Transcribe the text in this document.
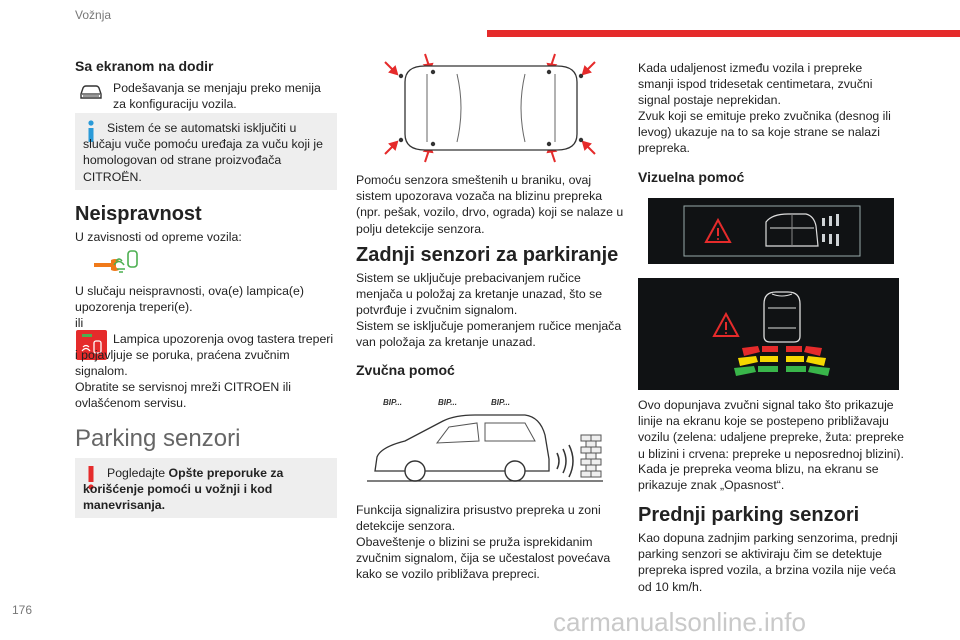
Vožnja
176	carmanualsonline.info
Sa ekranom na dodir

Podešavanja se menjaju preko menija za konfiguraciju vozila.

Sistem će se automatski isključiti u slučaju vuče pomoću uređaja za vuču koji je homologovan od strane proizvođača CITROËN.

Neispravnost

U zavisnosti od opreme vozila:

U slučaju neispravnosti, ova(e) lampica(e) upozorenja treperi(e).

ili

Lampica upozorenja ovog tastera treperi i pojavljuje se poruka, praćena zvučnim signalom.

Obratite se servisnoj mreži CITROEN ili ovlašćenom servisu.

Parking senzori

Pogledajte Opšte preporuke za korišćenje pomoći u vožnji i kod manevrisanja.

Pomoću senzora smeštenih u braniku, ovaj sistem upozorava vozača na blizinu prepreka (npr. pešak, vozilo, drvo, ograda) koji se nalaze u polju detekcije senzora.

Zadnji senzori za parkiranje

Sistem se uključuje prebacivanjem ručice menjača u položaj za kretanje unazad, što se potvrđuje i zvučnim signalom.

Sistem se isključuje pomeranjem ručice menjača van položaja za kretanje unazad.

Zvučna pomoć
BIP...	BIP...	BIP...

Funkcija signalizira prisustvo prepreka u zoni detekcije senzora.

Obaveštenje o blizini se pruža isprekidanim zvučnim signalom, čija se učestalost povećava kako se vozilo približava prepreci.

Kada udaljenost između vozila i prepreke smanji ispod tridesetak centimetara, zvučni signal postaje neprekidan.

Zvuk koji se emituje preko zvučnika (desnog ili levog) ukazuje na to sa koje strane se nalazi prepreka.

Vizuelna pomoć

Ovo dopunjava zvučni signal tako što prikazuje linije na ekranu koje se postepeno približavaju vozilu (zelena: udaljene prepreke, žuta: prepreke u blizini i crvena: prepreke u neposrednoj blizini).

Kada je prepreka veoma blizu, na ekranu se prikazuje znak „Opasnost“.

Prednji parking senzori

Kao dopuna zadnjim parking senzorima, prednji parking senzori se aktiviraju čim se detektuje prepreka ispred vozila, a brzina vozila nije veća od 10 km/h.
